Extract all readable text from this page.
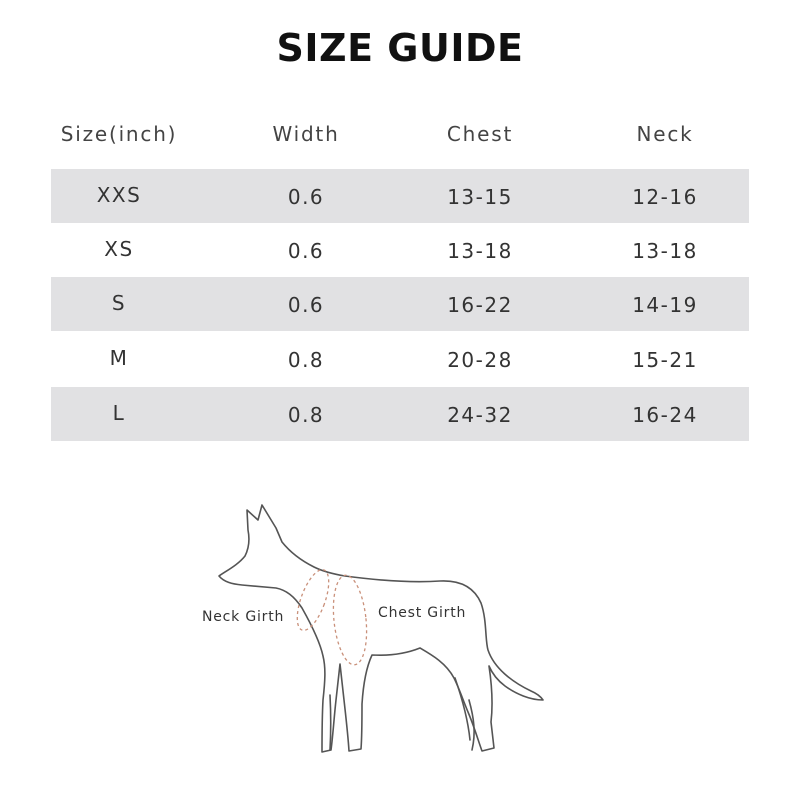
SIZE GUIDE
Size(inch)	Width	Chest	Neck
XXS	0.6	13-15	12-16
XS	0.6	13-18	13-18
S	0.6	16-22	14-19
M	0.8	20-28	15-21
L	0.8	24-32	16-24
Neck Girth	Chest Girth
